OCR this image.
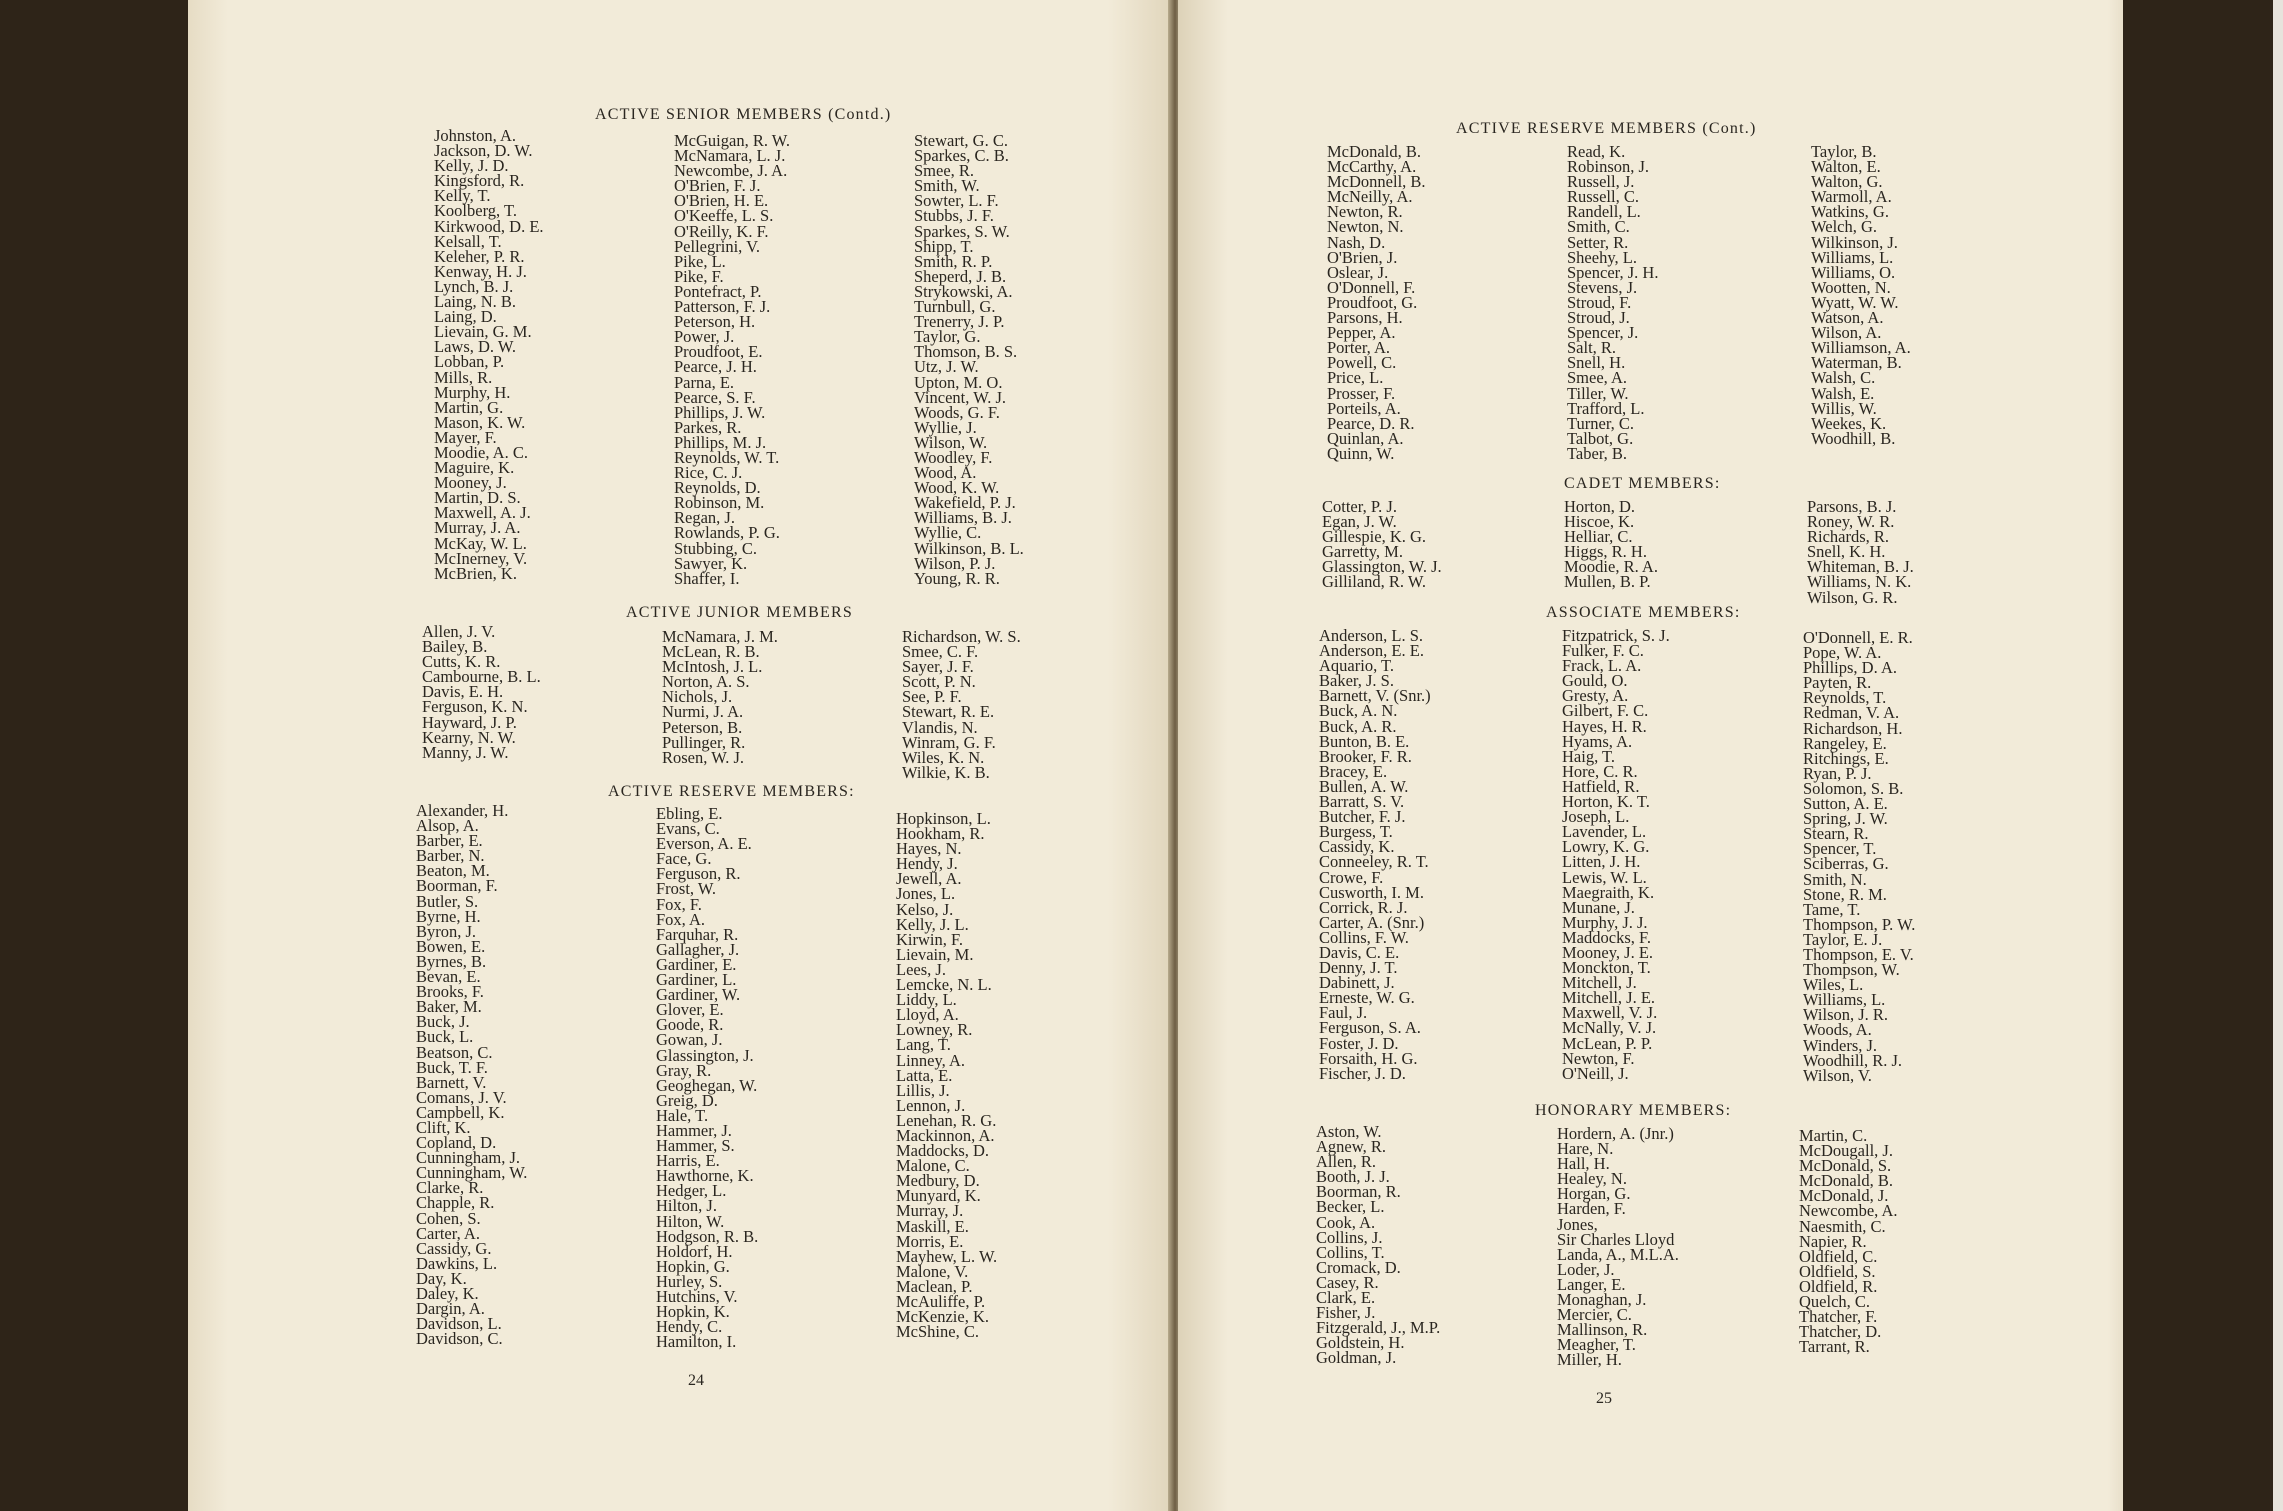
ACTIVE SENIOR MEMBERS (Contd.)
Johnston, A.
Jackson, D. W.
Kelly, J. D.
Kingsford, R.
Kelly, T.
Koolberg, T.
Kirkwood, D. E.
Kelsall, T.
Keleher, P. R.
Kenway, H. J.
Lynch, B. J.
Laing, N. B.
Laing, D.
Lievain, G. M.
Laws, D. W.
Lobban, P.
Mills, R.
Murphy, H.
Martin, G.
Mason, K. W.
Mayer, F.
Moodie, A. C.
Maguire, K.
Mooney, J.
Martin, D. S.
Maxwell, A. J.
Murray, J. A.
McKay, W. L.
McInerney, V.
McBrien, K.
McGuigan, R. W.
McNamara, L. J.
Newcombe, J. A.
O'Brien, F. J.
O'Brien, H. E.
O'Keeffe, L. S.
O'Reilly, K. F.
Pellegrini, V.
Pike, L.
Pike, F.
Pontefract, P.
Patterson, F. J.
Peterson, H.
Power, J.
Proudfoot, E.
Pearce, J. H.
Parna, E.
Pearce, S. F.
Phillips, J. W.
Parkes, R.
Phillips, M. J.
Reynolds, W. T.
Rice, C. J.
Reynolds, D.
Robinson, M.
Regan, J.
Rowlands, P. G.
Stubbing, C.
Sawyer, K.
Shaffer, I.
Stewart, G. C.
Sparkes, C. B.
Smee, R.
Smith, W.
Sowter, L. F.
Stubbs, J. F.
Sparkes, S. W.
Shipp, T.
Smith, R. P.
Sheperd, J. B.
Strykowski, A.
Turnbull, G.
Trenerry, J. P.
Taylor, G.
Thomson, B. S.
Utz, J. W.
Upton, M. O.
Vincent, W. J.
Woods, G. F.
Wyllie, J.
Wilson, W.
Woodley, F.
Wood, A.
Wood, K. W.
Wakefield, P. J.
Williams, B. J.
Wyllie, C.
Wilkinson, B. L.
Wilson, P. J.
Young, R. R.
ACTIVE JUNIOR MEMBERS
Allen, J. V.
Bailey, B.
Cutts, K. R.
Cambourne, B. L.
Davis, E. H.
Ferguson, K. N.
Hayward, J. P.
Kearny, N. W.
Manny, J. W.
McNamara, J. M.
McLean, R. B.
McIntosh, J. L.
Norton, A. S.
Nichols, J.
Nurmi, J. A.
Peterson, B.
Pullinger, R.
Rosen, W. J.
Richardson, W. S.
Smee, C. F.
Sayer, J. F.
Scott, P. N.
See, P. F.
Stewart, R. E.
Vlandis, N.
Winram, G. F.
Wiles, K. N.
Wilkie, K. B.
ACTIVE RESERVE MEMBERS:
Alexander, H.
Alsop, A.
Barber, E.
Barber, N.
Beaton, M.
Boorman, F.
Butler, S.
Byrne, H.
Byron, J.
Bowen, E.
Byrnes, B.
Bevan, E.
Brooks, F.
Baker, M.
Buck, J.
Buck, L.
Beatson, C.
Buck, T. F.
Barnett, V.
Comans, J. V.
Campbell, K.
Clift, K.
Copland, D.
Cunningham, J.
Cunningham, W.
Clarke, R.
Chapple, R.
Cohen, S.
Carter, A.
Cassidy, G.
Dawkins, L.
Day, K.
Daley, K.
Dargin, A.
Davidson, L.
Davidson, C.
Ebling, E.
Evans, C.
Everson, A. E.
Face, G.
Ferguson, R.
Frost, W.
Fox, F.
Fox, A.
Farquhar, R.
Gallagher, J.
Gardiner, E.
Gardiner, L.
Gardiner, W.
Glover, E.
Goode, R.
Gowan, J.
Glassington, J.
Gray, R.
Geoghegan, W.
Greig, D.
Hale, T.
Hammer, J.
Hammer, S.
Harris, E.
Hawthorne, K.
Hedger, L.
Hilton, J.
Hilton, W.
Hodgson, R. B.
Holdorf, H.
Hopkin, G.
Hurley, S.
Hutchins, V.
Hopkin, K.
Hendy, C.
Hamilton, I.
Hopkinson, L.
Hookham, R.
Hayes, N.
Hendy, J.
Jewell, A.
Jones, L.
Kelso, J.
Kelly, J. L.
Kirwin, F.
Lievain, M.
Lees, J.
Lemcke, N. L.
Liddy, L.
Lloyd, A.
Lowney, R.
Lang, T.
Linney, A.
Latta, E.
Lillis, J.
Lennon, J.
Lenehan, R. G.
Mackinnon, A.
Maddocks, D.
Malone, C.
Medbury, D.
Munyard, K.
Murray, J.
Maskill, E.
Morris, E.
Mayhew, L. W.
Malone, V.
Maclean, P.
McAuliffe, P.
McKenzie, K.
McShine, C.
24
ACTIVE RESERVE MEMBERS (Cont.)
McDonald, B.
McCarthy, A.
McDonnell, B.
McNeilly, A.
Newton, R.
Newton, N.
Nash, D.
O'Brien, J.
Oslear, J.
O'Donnell, F.
Proudfoot, G.
Parsons, H.
Pepper, A.
Porter, A.
Powell, C.
Price, L.
Prosser, F.
Porteils, A.
Pearce, D. R.
Quinlan, A.
Quinn, W.
Read, K.
Robinson, J.
Russell, J.
Russell, C.
Randell, L.
Smith, C.
Setter, R.
Sheehy, L.
Spencer, J. H.
Stevens, J.
Stroud, F.
Stroud, J.
Spencer, J.
Salt, R.
Snell, H.
Smee, A.
Tiller, W.
Trafford, L.
Turner, C.
Talbot, G.
Taber, B.
Taylor, B.
Walton, E.
Walton, G.
Warmoll, A.
Watkins, G.
Welch, G.
Wilkinson, J.
Williams, L.
Williams, O.
Wootten, N.
Wyatt, W. W.
Watson, A.
Wilson, A.
Williamson, A.
Waterman, B.
Walsh, C.
Walsh, E.
Willis, W.
Weekes, K.
Woodhill, B.
CADET MEMBERS:
Cotter, P. J.
Egan, J. W.
Gillespie, K. G.
Garretty, M.
Glassington, W. J.
Gilliland, R. W.
Horton, D.
Hiscoe, K.
Helliar, C.
Higgs, R. H.
Moodie, R. A.
Mullen, B. P.
Parsons, B. J.
Roney, W. R.
Richards, R.
Snell, K. H.
Whiteman, B. J.
Williams, N. K.
Wilson, G. R.
ASSOCIATE MEMBERS:
Anderson, L. S.
Anderson, E. E.
Aquario, T.
Baker, J. S.
Barnett, V. (Snr.)
Buck, A. N.
Buck, A. R.
Bunton, B. E.
Brooker, F. R.
Bracey, E.
Bullen, A. W.
Barratt, S. V.
Butcher, F. J.
Burgess, T.
Cassidy, K.
Conneeley, R. T.
Crowe, F.
Cusworth, I. M.
Corrick, R. J.
Carter, A. (Snr.)
Collins, F. W.
Davis, C. E.
Denny, J. T.
Dabinett, J.
Erneste, W. G.
Faul, J.
Ferguson, S. A.
Foster, J. D.
Forsaith, H. G.
Fischer, J. D.
Fitzpatrick, S. J.
Fulker, F. C.
Frack, L. A.
Gould, O.
Gresty, A.
Gilbert, F. C.
Hayes, H. R.
Hyams, A.
Haig, T.
Hore, C. R.
Hatfield, R.
Horton, K. T.
Joseph, L.
Lavender, L.
Lowry, K. G.
Litten, J. H.
Lewis, W. L.
Maegraith, K.
Munane, J.
Murphy, J. J.
Maddocks, F.
Mooney, J. E.
Monckton, T.
Mitchell, J.
Mitchell, J. E.
Maxwell, V. J.
McNally, V. J.
McLean, P. P.
Newton, F.
O'Neill, J.
O'Donnell, E. R.
Pope, W. A.
Phillips, D. A.
Payten, R.
Reynolds, T.
Redman, V. A.
Richardson, H.
Rangeley, E.
Ritchings, E.
Ryan, P. J.
Solomon, S. B.
Sutton, A. E.
Spring, J. W.
Stearn, R.
Spencer, T.
Sciberras, G.
Smith, N.
Stone, R. M.
Tame, T.
Thompson, P. W.
Taylor, E. J.
Thompson, E. V.
Thompson, W.
Wiles, L.
Williams, L.
Wilson, J. R.
Woods, A.
Winders, J.
Woodhill, R. J.
Wilson, V.
HONORARY MEMBERS:
Aston, W.
Agnew, R.
Allen, R.
Booth, J. J.
Boorman, R.
Becker, L.
Cook, A.
Collins, J.
Collins, T.
Cromack, D.
Casey, R.
Clark, E.
Fisher, J.
Fitzgerald, J., M.P.
Goldstein, H.
Goldman, J.
Hordern, A. (Jnr.)
Hare, N.
Hall, H.
Healey, N.
Horgan, G.
Harden, F.
Jones,
Sir Charles Lloyd
Landa, A., M.L.A.
Loder, J.
Langer, E.
Monaghan, J.
Mercier, C.
Mallinson, R.
Meagher, T.
Miller, H.
Martin, C.
McDougall, J.
McDonald, S.
McDonald, B.
McDonald, J.
Newcombe, A.
Naesmith, C.
Napier, R.
Oldfield, C.
Oldfield, S.
Oldfield, R.
Quelch, C.
Thatcher, F.
Thatcher, D.
Tarrant, R.
25
